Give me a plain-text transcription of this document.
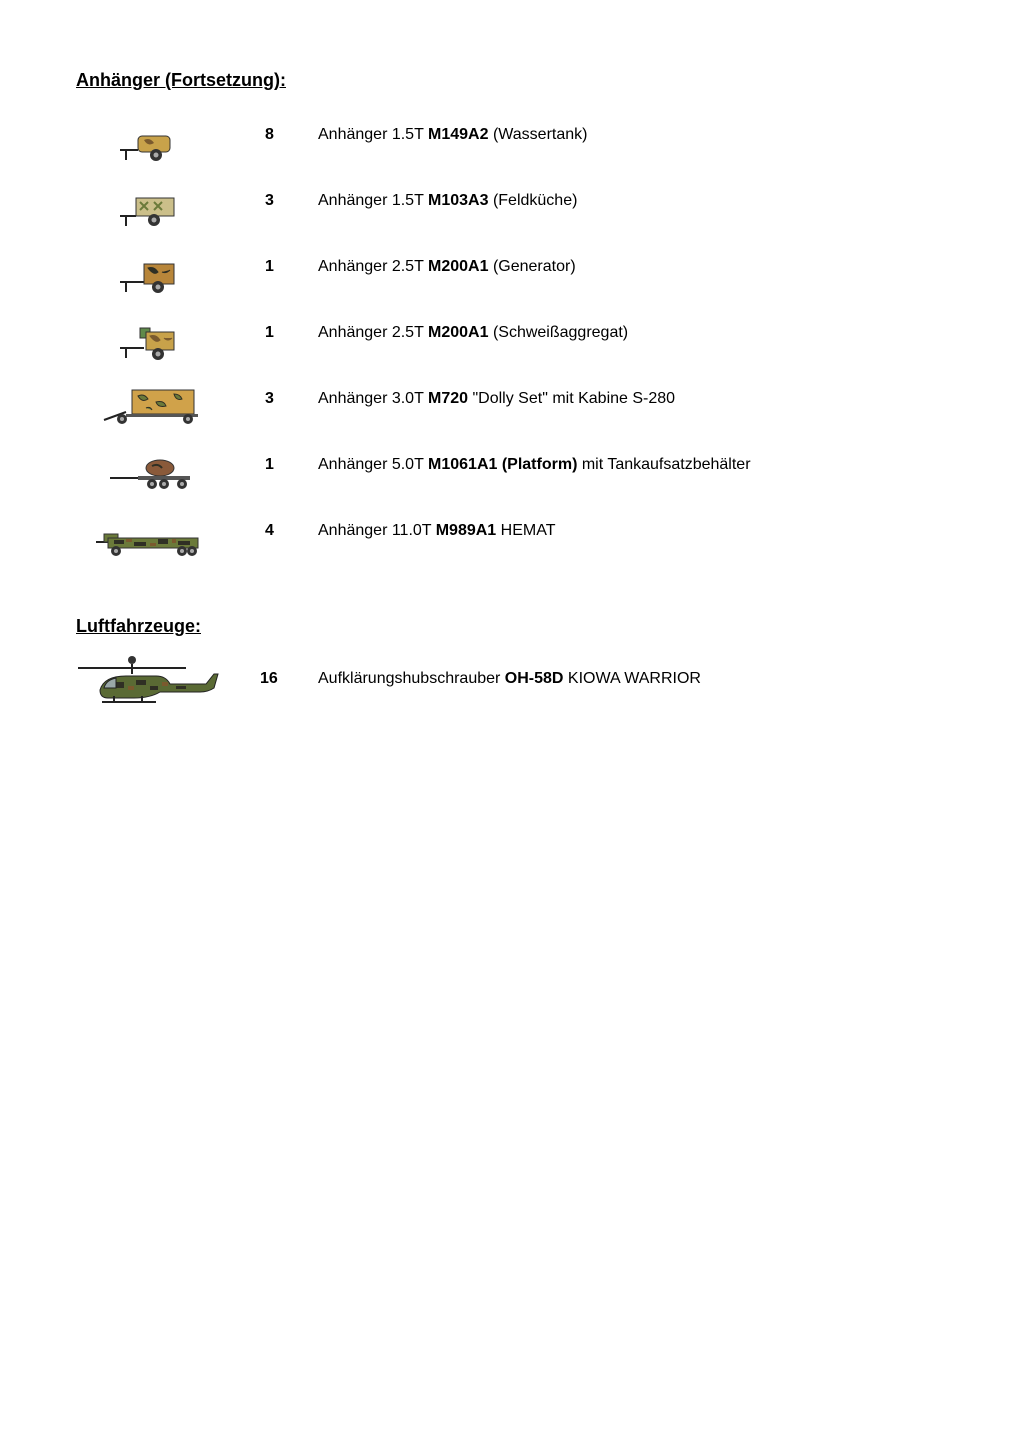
Anhänger (Fortsetzung):
8	Anhänger 1.5T M149A2 (Wassertank)
3	Anhänger 1.5T M103A3 (Feldküche)
1	Anhänger 2.5T M200A1 (Generator)
1	Anhänger 2.5T M200A1 (Schweißaggregat)
3	Anhänger 3.0T M720 "Dolly Set" mit Kabine S-280
1	Anhänger 5.0T M1061A1 (Platform) mit Tankaufsatzbehälter
4	Anhänger 11.0T M989A1 HEMAT
Luftfahrzeuge:
16	Aufklärungshubschrauber OH-58D KIOWA WARRIOR
